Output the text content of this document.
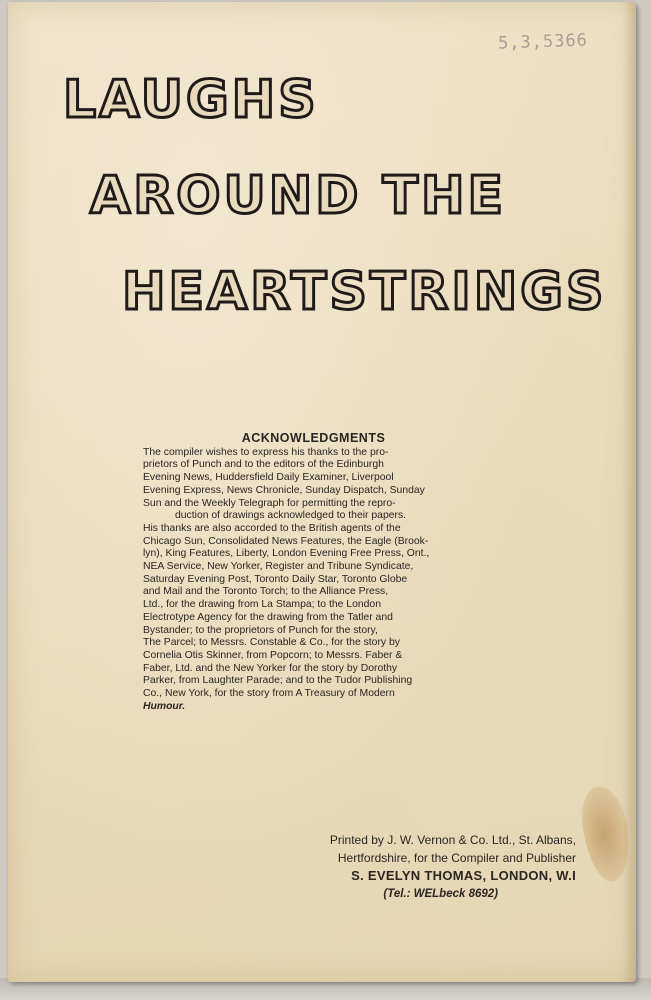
5,3,5366
LAUGHS
AROUND THE
HEARTSTRINGS
ACKNOWLEDGMENTS

The compiler wishes to express his thanks to the pro-

prietors of Punch and to the editors of the Edinburgh

Evening News, Huddersfield Daily Examiner, Liverpool

Evening Express, News Chronicle, Sunday Dispatch, Sunday

Sun and the Weekly Telegraph for permitting the repro-

duction of drawings acknowledged to their papers.

His thanks are also accorded to the British agents of the

Chicago Sun, Consolidated News Features, the Eagle (Brook-

lyn), King Features, Liberty, London Evening Free Press, Ont.,

NEA Service, New Yorker, Register and Tribune Syndicate,

Saturday Evening Post, Toronto Daily Star, Toronto Globe

and Mail and the Toronto Torch; to the Alliance Press,

Ltd., for the drawing from La Stampa; to the London

Electrotype Agency for the drawing from the Tatler and

Bystander; to the proprietors of Punch for the story,

The Parcel; to Messrs. Constable & Co., for the story by

Cornelia Otis Skinner, from Popcorn; to Messrs. Faber &

Faber, Ltd. and the New Yorker for the story by Dorothy

Parker, from Laughter Parade; and to the Tudor Publishing

Co., New York, for the story from A Treasury of Modern

Humour.

Printed by J. W. Vernon & Co. Ltd., St. Albans,
Hertfordshire, for the Compiler and Publisher
S. EVELYN THOMAS, LONDON, W.I
(Tel.: WELbeck 8692)
